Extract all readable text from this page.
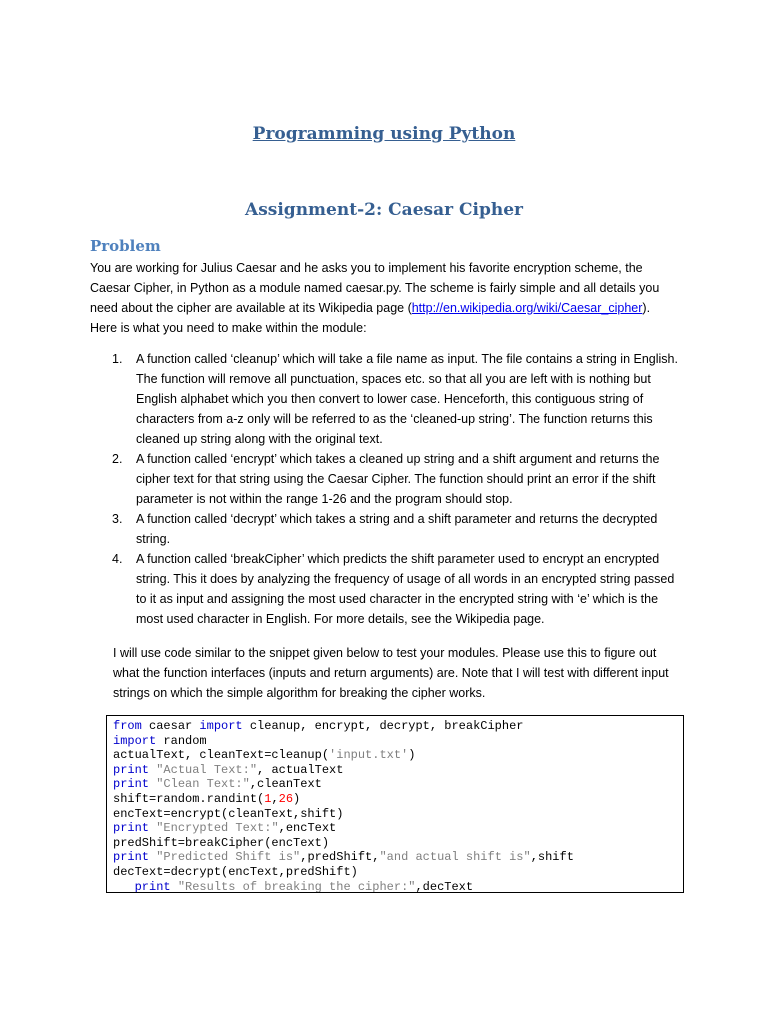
Programming using Python
Assignment-2: Caesar Cipher
Problem

You are working for Julius Caesar and he asks you to implement his favorite encryption scheme, the Caesar Cipher, in Python as a module named caesar.py. The scheme is fairly simple and all details you need about the cipher are available at its Wikipedia page (http://en.wikipedia.org/wiki/Caesar_cipher). Here is what you need to make within the module:

1. A function called ‘cleanup’ which will take a file name as input. The file contains a string in English. The function will remove all punctuation, spaces etc. so that all you are left with is nothing but English alphabet which you then convert to lower case. Henceforth, this contiguous string of characters from a-z only will be referred to as the ‘cleaned-up string’. The function returns this cleaned up string along with the original text.
2. A function called ‘encrypt’ which takes a cleaned up string and a shift argument and returns the cipher text for that string using the Caesar Cipher. The function should print an error if the shift parameter is not within the range 1-26 and the program should stop.
3. A function called ‘decrypt’ which takes a string and a shift parameter and returns the decrypted string.
4. A function called ‘breakCipher’ which predicts the shift parameter used to encrypt an encrypted string. This it does by analyzing the frequency of usage of all words in an encrypted string passed to it as input and assigning the most used character in the encrypted string with ‘e’ which is the most used character in English. For more details, see the Wikipedia page.

I will use code similar to the snippet given below to test your modules. Please use this to figure out what the function interfaces (inputs and return arguments) are. Note that I will test with different input strings on which the simple algorithm for breaking the cipher works.

from caesar import cleanup, encrypt, decrypt, breakCipher
import random
actualText, cleanText=cleanup('input.txt')
print "Actual Text:", actualText
print "Clean Text:",cleanText
shift=random.randint(1,26)
encText=encrypt(cleanText,shift)
print "Encrypted Text:",encText
predShift=breakCipher(encText)
print "Predicted Shift is",predShift,"and actual shift is",shift
decText=decrypt(encText,predShift)
print "Results of breaking the cipher:",decText
